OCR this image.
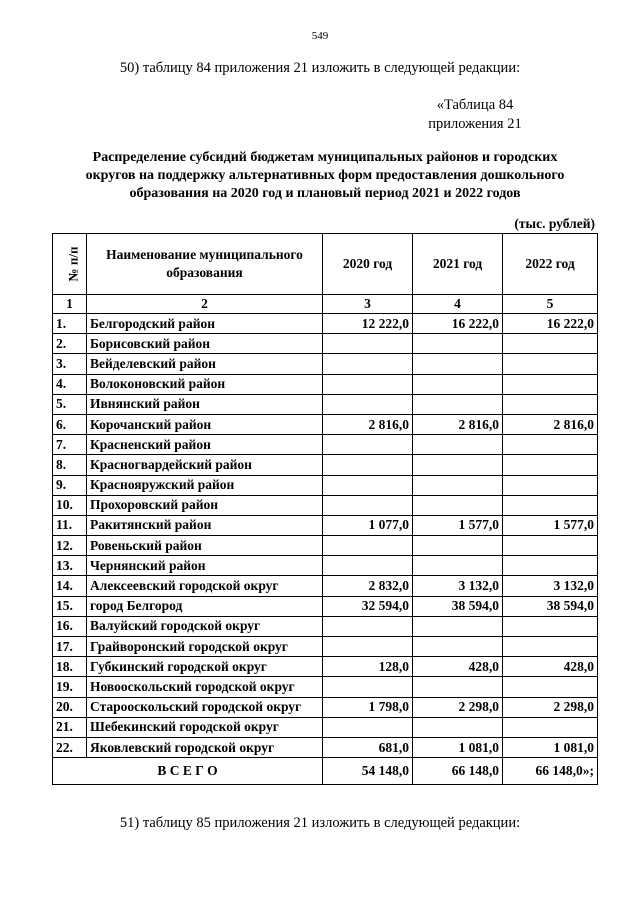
549
50) таблицу 84 приложения 21 изложить в следующей редакции:
«Таблица 84
приложения 21
Распределение субсидий бюджетам муниципальных районов и городских
округов на поддержку альтернативных форм предоставления дошкольного
образования на 2020 год и плановый период 2021 и 2022 годов
(тыс. рублей)
№ п/п	Наименование муниципального образования	2020 год	2021 год	2022 год
1	2	3	4	5
1.	Белгородский район	12 222,0	16 222,0	16 222,0
2.	Борисовский район			
3.	Вейделевский район			
4.	Волоконовский район			
5.	Ивнянский район			
6.	Корочанский район	2 816,0	2 816,0	2 816,0
7.	Красненский район			
8.	Красногвардейский район			
9.	Краснояружский район			
10.	Прохоровский район			
11.	Ракитянский район	1 077,0	1 577,0	1 577,0
12.	Ровеньский район			
13.	Чернянский район			
14.	Алексеевский городской округ	2 832,0	3 132,0	3 132,0
15.	город Белгород	32 594,0	38 594,0	38 594,0
16.	Валуйский городской округ			
17.	Грайворонский городской округ			
18.	Губкинский городской округ	128,0	428,0	428,0
19.	Новооскольский городской округ			
20.	Старооскольский городской округ	1 798,0	2 298,0	2 298,0
21.	Шебекинский городской округ			
22.	Яковлевский городской округ	681,0	1 081,0	1 081,0
В С Е Г О		54 148,0	66 148,0	66 148,0»;
51) таблицу 85 приложения 21 изложить в следующей редакции:
